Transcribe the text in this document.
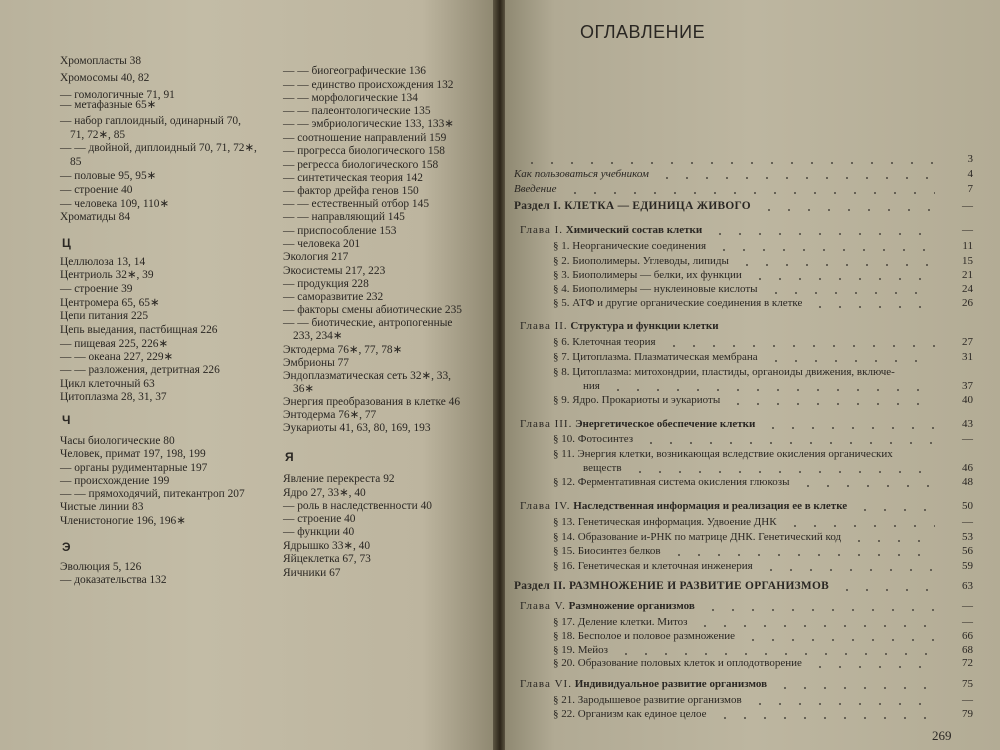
Хромопласты 38
Хромосомы 40, 82
— гомологичные 71, 91
— метафазные 65∗
— набор гаплоидный, одинарный 70,
71, 72∗, 85
— — двойной, диплоидный 70, 71, 72∗,
85
— половые 95, 95∗
— строение 40
— человека 109, 110∗
Хроматиды 84
Целлюлоза 13, 14
Центриоль 32∗, 39
— строение 39
Центромера 65, 65∗
Цепи питания 225
Цепь выедания, пастбищная 226
— пищевая 225, 226∗
— — океана 227, 229∗
— — разложения, детритная 226
Цикл клеточный 63
Цитоплазма 28, 31, 37
Часы биологические 80
Человек, примат 197, 198, 199
— органы рудиментарные 197
— происхождение 199
— — прямоходячий, питекантроп 207
Чистые линии 83
Членистоногие 196, 196∗
Эволюция 5, 126
— доказательства 132
— — биогеографические 136
— — единство происхождения 132
— — морфологические 134
— — палеонтологические 135
— — эмбриологические 133, 133∗
— соотношение направлений 159
— прогресса биологического 158
— регресса биологического 158
— синтетическая теория 142
— фактор дрейфа генов 150
— — естественный отбор 145
— — направляющий 145
— приспособление 153
— человека 201
Экология 217
Экосистемы 217, 223
— продукция 228
— саморазвитие 232
— факторы смены абиотические 235
— — биотические, антропогенные
233, 234∗
Эктодерма 76∗, 77, 78∗
Эмбрионы 77
Эндоплазматическая сеть 32∗, 33,
36∗
Энергия преобразования в клетке 46
Энтодерма 76∗, 77
Эукариоты 41, 63, 80, 169, 193
Явление перекреста 92
Ядро 27, 33∗, 40
— роль в наследственности 40
— строение 40
— функции 40
Ядрышко 33∗, 40
Яйцеклетка 67, 73
Яичники 67
Ц
Ч
Э
Я
ОГЛАВЛЕНИЕ
3
Как пользоваться учебником	4
Введение	7
Раздел I. КЛЕТКА — ЕДИНИЦА ЖИВОГО	—
Глава I. Химический состав клетки	—
§ 1. Неорганические соединения	11
§ 2. Биополимеры. Углеводы, липиды	15
§ 3. Биополимеры — белки, их функции	21
§ 4. Биополимеры — нуклеиновые кислоты	24
§ 5. АТФ и другие органические соединения в клетке	26
Глава II. Структура и функции клетки
§ 6. Клеточная теория	27
§ 7. Цитоплазма. Плазматическая мембрана	31
§ 8. Цитоплазма: митохондрии, пластиды, органоиды движения, включе-
ния	37
§ 9. Ядро. Прокариоты и эукариоты	40
Глава III. Энергетическое обеспечение клетки	43
§ 10. Фотосинтез	—
§ 11. Энергия клетки, возникающая вследствие окисления органических
веществ	46
§ 12. Ферментативная система окисления глюкозы	48
Глава IV. Наследственная информация и реализация ее в клетке	50
§ 13. Генетическая информация. Удвоение ДНК	—
§ 14. Образование и-РНК по матрице ДНК. Генетический код	53
§ 15. Биосинтез белков	56
§ 16. Генетическая и клеточная инженерия	59
Раздел II. РАЗМНОЖЕНИЕ И РАЗВИТИЕ ОРГАНИЗМОВ	63
Глава V. Размножение организмов	—
§ 17. Деление клетки. Митоз	—
§ 18. Бесполое и половое размножение	66
§ 19. Мейоз	68
§ 20. Образование половых клеток и оплодотворение	72
Глава VI. Индивидуальное развитие организмов	75
§ 21. Зародышевое развитие организмов	—
§ 22. Организм как единое целое	79
269
